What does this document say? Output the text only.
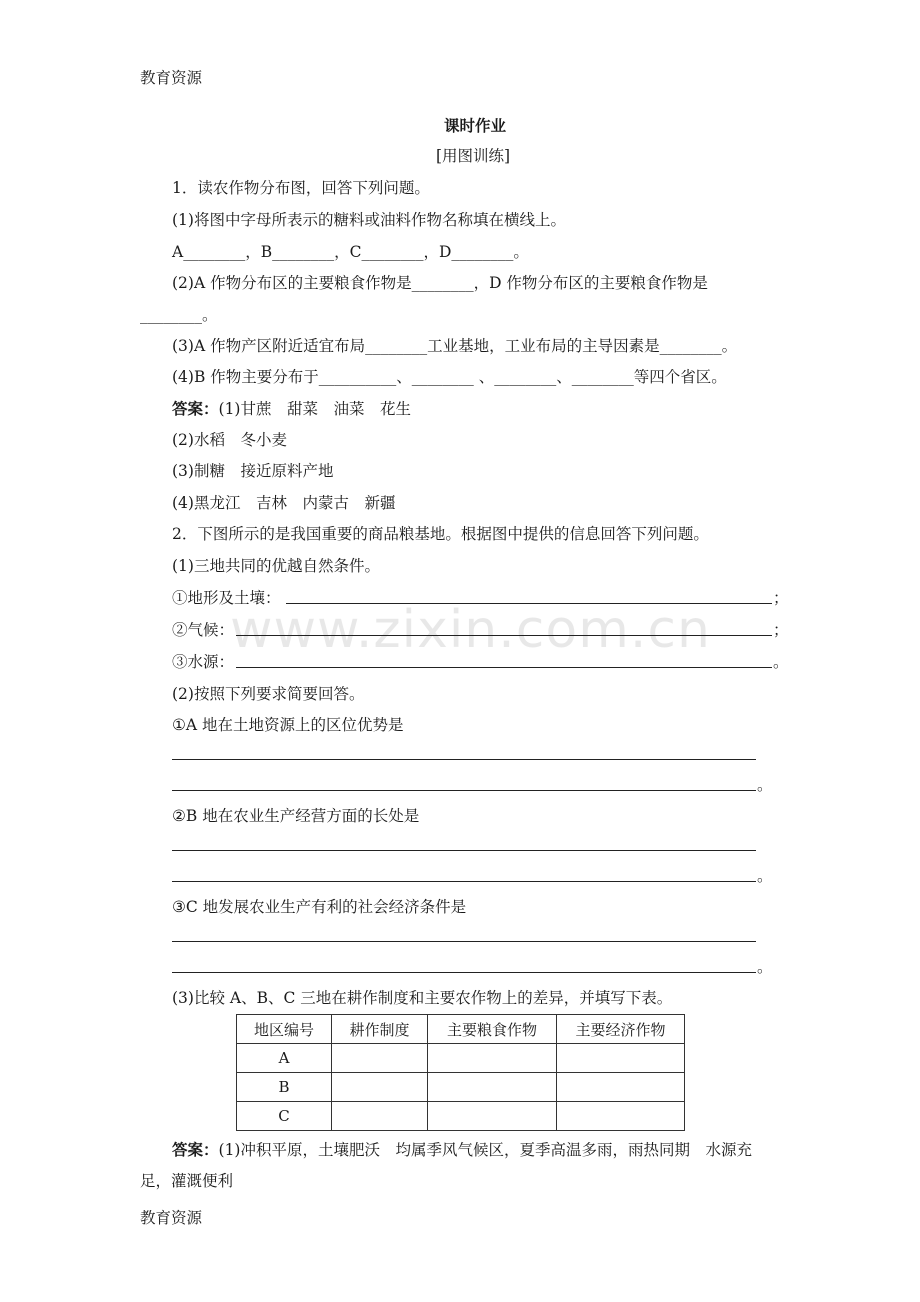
教育资源
www.zixin.com.cn
课时作业
[用图训练]
1．读农作物分布图，回答下列问题。
(1)将图中字母所表示的糖料或油料作物名称填在横线上。
A________，B________，C________，D________。
(2)A 作物分布区的主要粮食作物是________，D 作物分布区的主要粮食作物是
________。
(3)A 作物产区附近适宜布局________工业基地，工业布局的主导因素是________。
(4)B 作物主要分布于__________、________ 、________、________等四个省区。
答案：(1)甘蔗　甜菜　油菜　花生
(2)水稻　冬小麦
(3)制糖　接近原料产地
(4)黑龙江　吉林　内蒙古　新疆
2．下图所示的是我国重要的商品粮基地。根据图中提供的信息回答下列问题。
(1)三地共同的优越自然条件。
①地形及土壤：	；
②气候：	；
③水源：	。
(2)按照下列要求简要回答。
①A 地在土地资源上的区位优势是
。
②B 地在农业生产经营方面的长处是
。
③C 地发展农业生产有利的社会经济条件是
。
(3)比较 A、B、C 三地在耕作制度和主要农作物上的差异，并填写下表。
地区编号	耕作制度	主要粮食作物	主要经济作物
A			
B			
C			
答案：(1)冲积平原，土壤肥沃　均属季风气候区，夏季高温多雨，雨热同期　水源充
足，灌溉便利
教育资源
